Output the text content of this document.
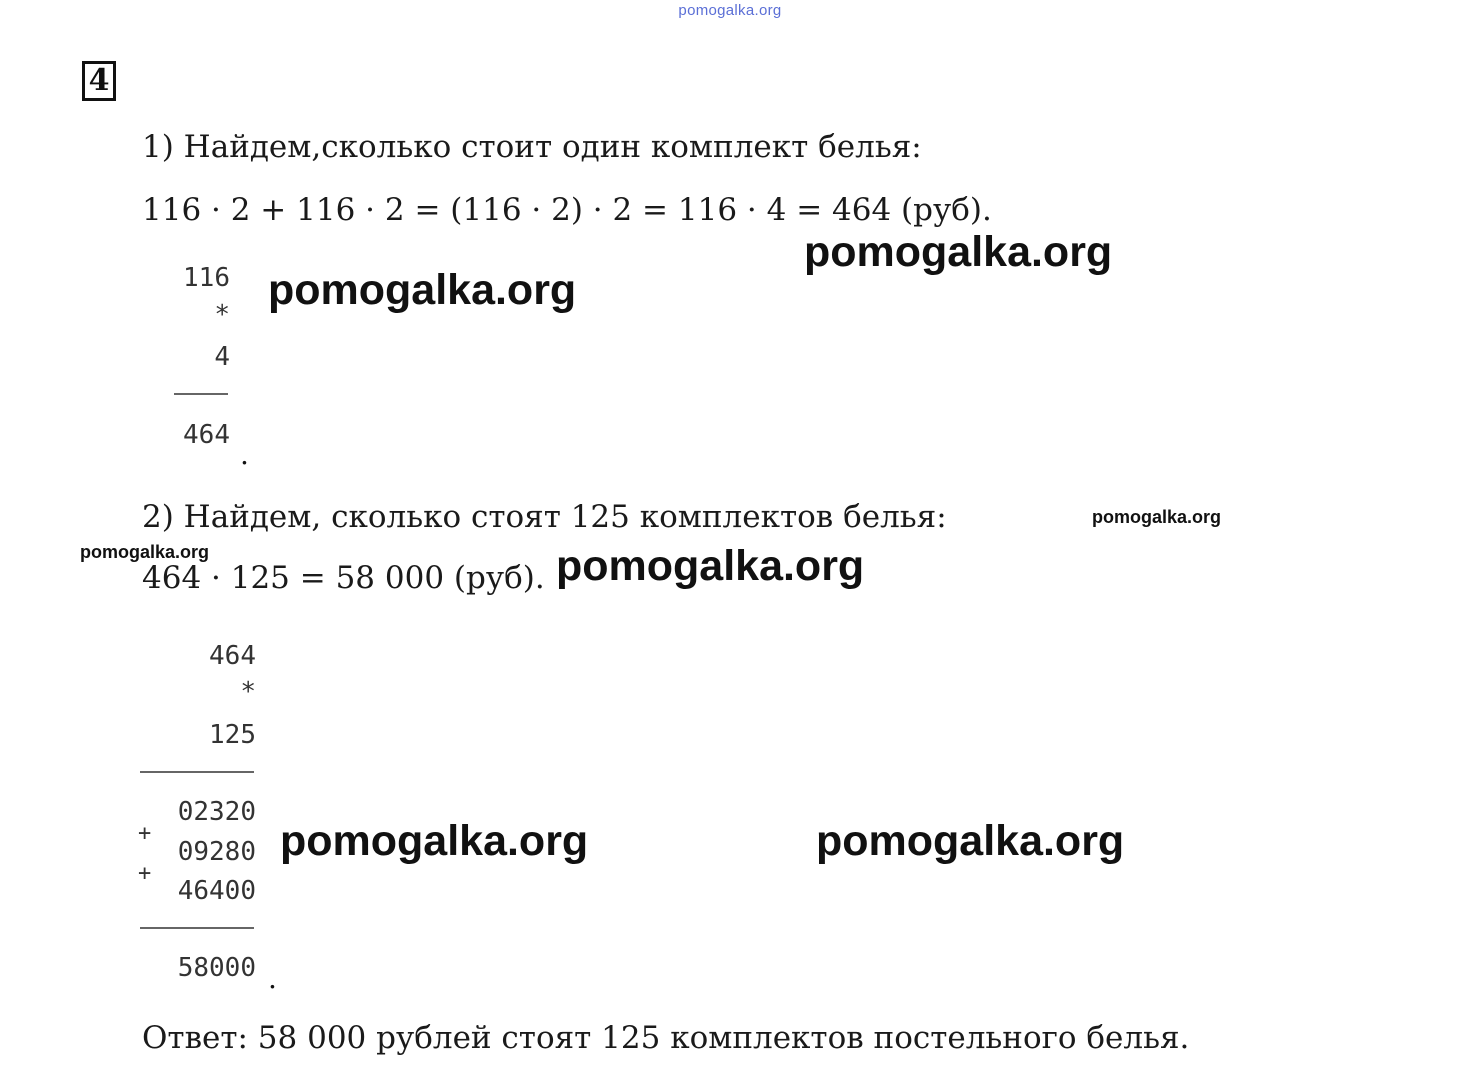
pomogalka.org
4
1) Найдем,сколько стоит один комплект белья:
116 · 2 + 116 · 2 = (116 · 2) · 2 = 116 · 4 = 464 (руб).
116
*
4
464
.
2) Найдем, сколько стоят 125 комплектов белья:
464 · 125 = 58 000 (руб).
464
*
125
02320
+
09280
+
46400
58000 .
Ответ: 58 000 рублей стоят 125 комплектов постельного белья.
pomogalka.org
pomogalka.org
pomogalka.org
pomogalka.org	pomogalka.org
pomogalka.org	pomogalka.org
